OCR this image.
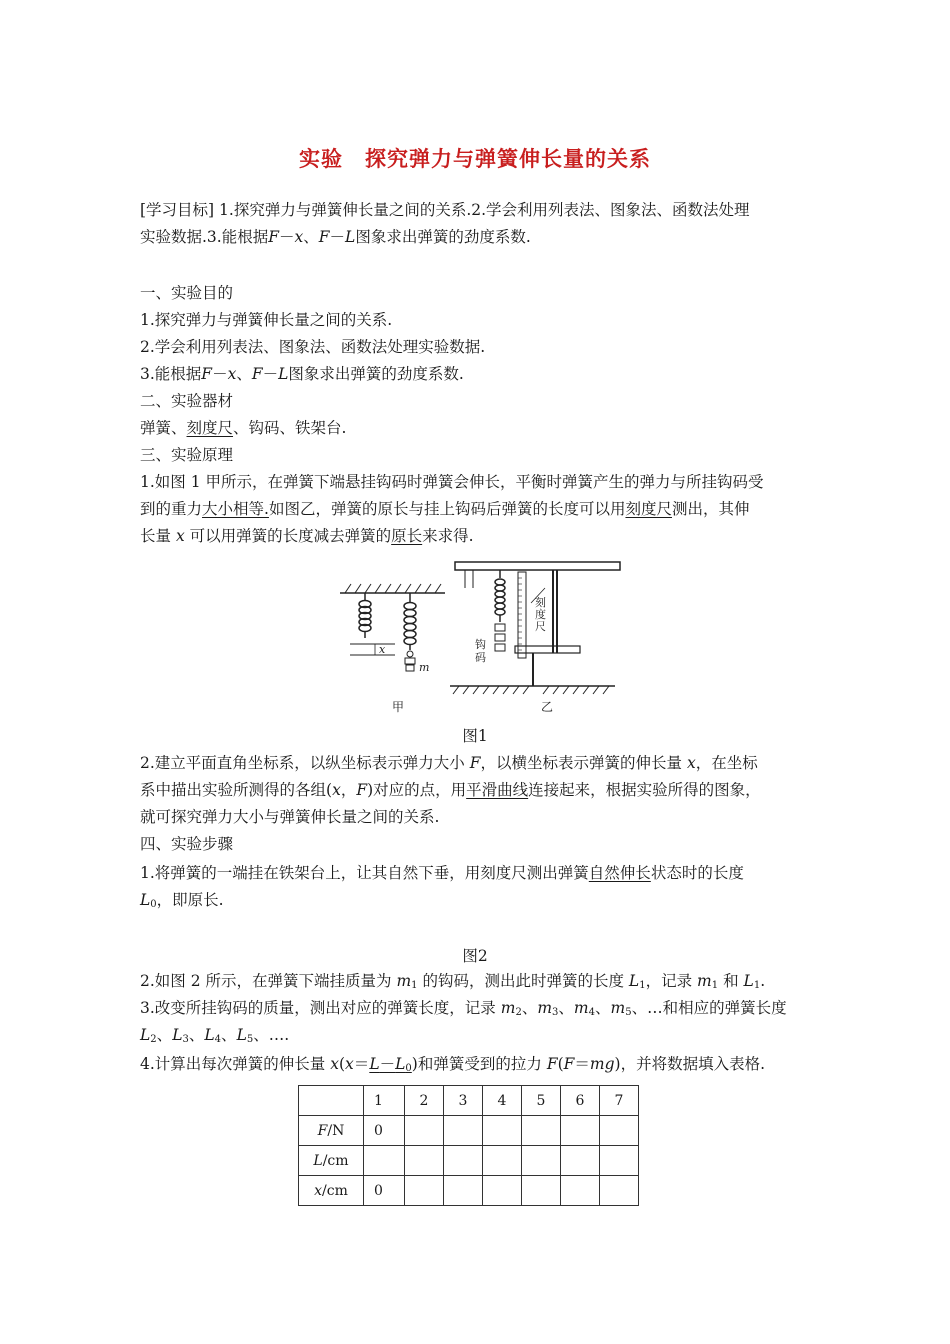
实验 探究弹力与弹簧伸长量的关系
[学习目标] 1.探究弹力与弹簧伸长量之间的关系.2.学会利用列表法、图象法、函数法处理
实验数据.3.能根据F－x、F－L图象求出弹簧的劲度系数.
一、实验目的
1.探究弹力与弹簧伸长量之间的关系.
2.学会利用列表法、图象法、函数法处理实验数据.
3.能根据F－x、F－L图象求出弹簧的劲度系数.
二、实验器材
弹簧、刻度尺、钩码、铁架台.
三、实验原理
1.如图 1 甲所示，在弹簧下端悬挂钩码时弹簧会伸长，平衡时弹簧产生的弹力与所挂钩码受
到的重力大小相等.如图乙，弹簧的原长与挂上钩码后弹簧的长度可以用刻度尺测出，其伸
长量 x 可以用弹簧的长度减去弹簧的原长来求得.
x
m
刻
度
尺
钩
码
甲	乙
图1
2.建立平面直角坐标系，以纵坐标表示弹力大小 F，以横坐标表示弹簧的伸长量 x，在坐标
系中描出实验所测得的各组(x，F)对应的点，用平滑曲线连接起来，根据实验所得的图象，
就可探究弹力大小与弹簧伸长量之间的关系.
四、实验步骤
1.将弹簧的一端挂在铁架台上，让其自然下垂，用刻度尺测出弹簧自然伸长状态时的长度
$L_0$，即原长.
图2
2.如图 2 所示，在弹簧下端挂质量为 $m_1$ 的钩码，测出此时弹簧的长度 $L_1$，记录 $m_1$ 和 $L_1$.
3.改变所挂钩码的质量，测出对应的弹簧长度，记录 $m_2$、$m_3$、$m_4$、$m_5$、…和相应的弹簧长度
$L_2$、$L_3$、$L_4$、$L_5$、….
4.计算出每次弹簧的伸长量 $x(x=L-L_0)$和弹簧受到的拉力 F(F＝mg)，并将数据填入表格.
	1	2	3	4	5	6	7
F/N	0						
L/cm							
x/cm	0						
